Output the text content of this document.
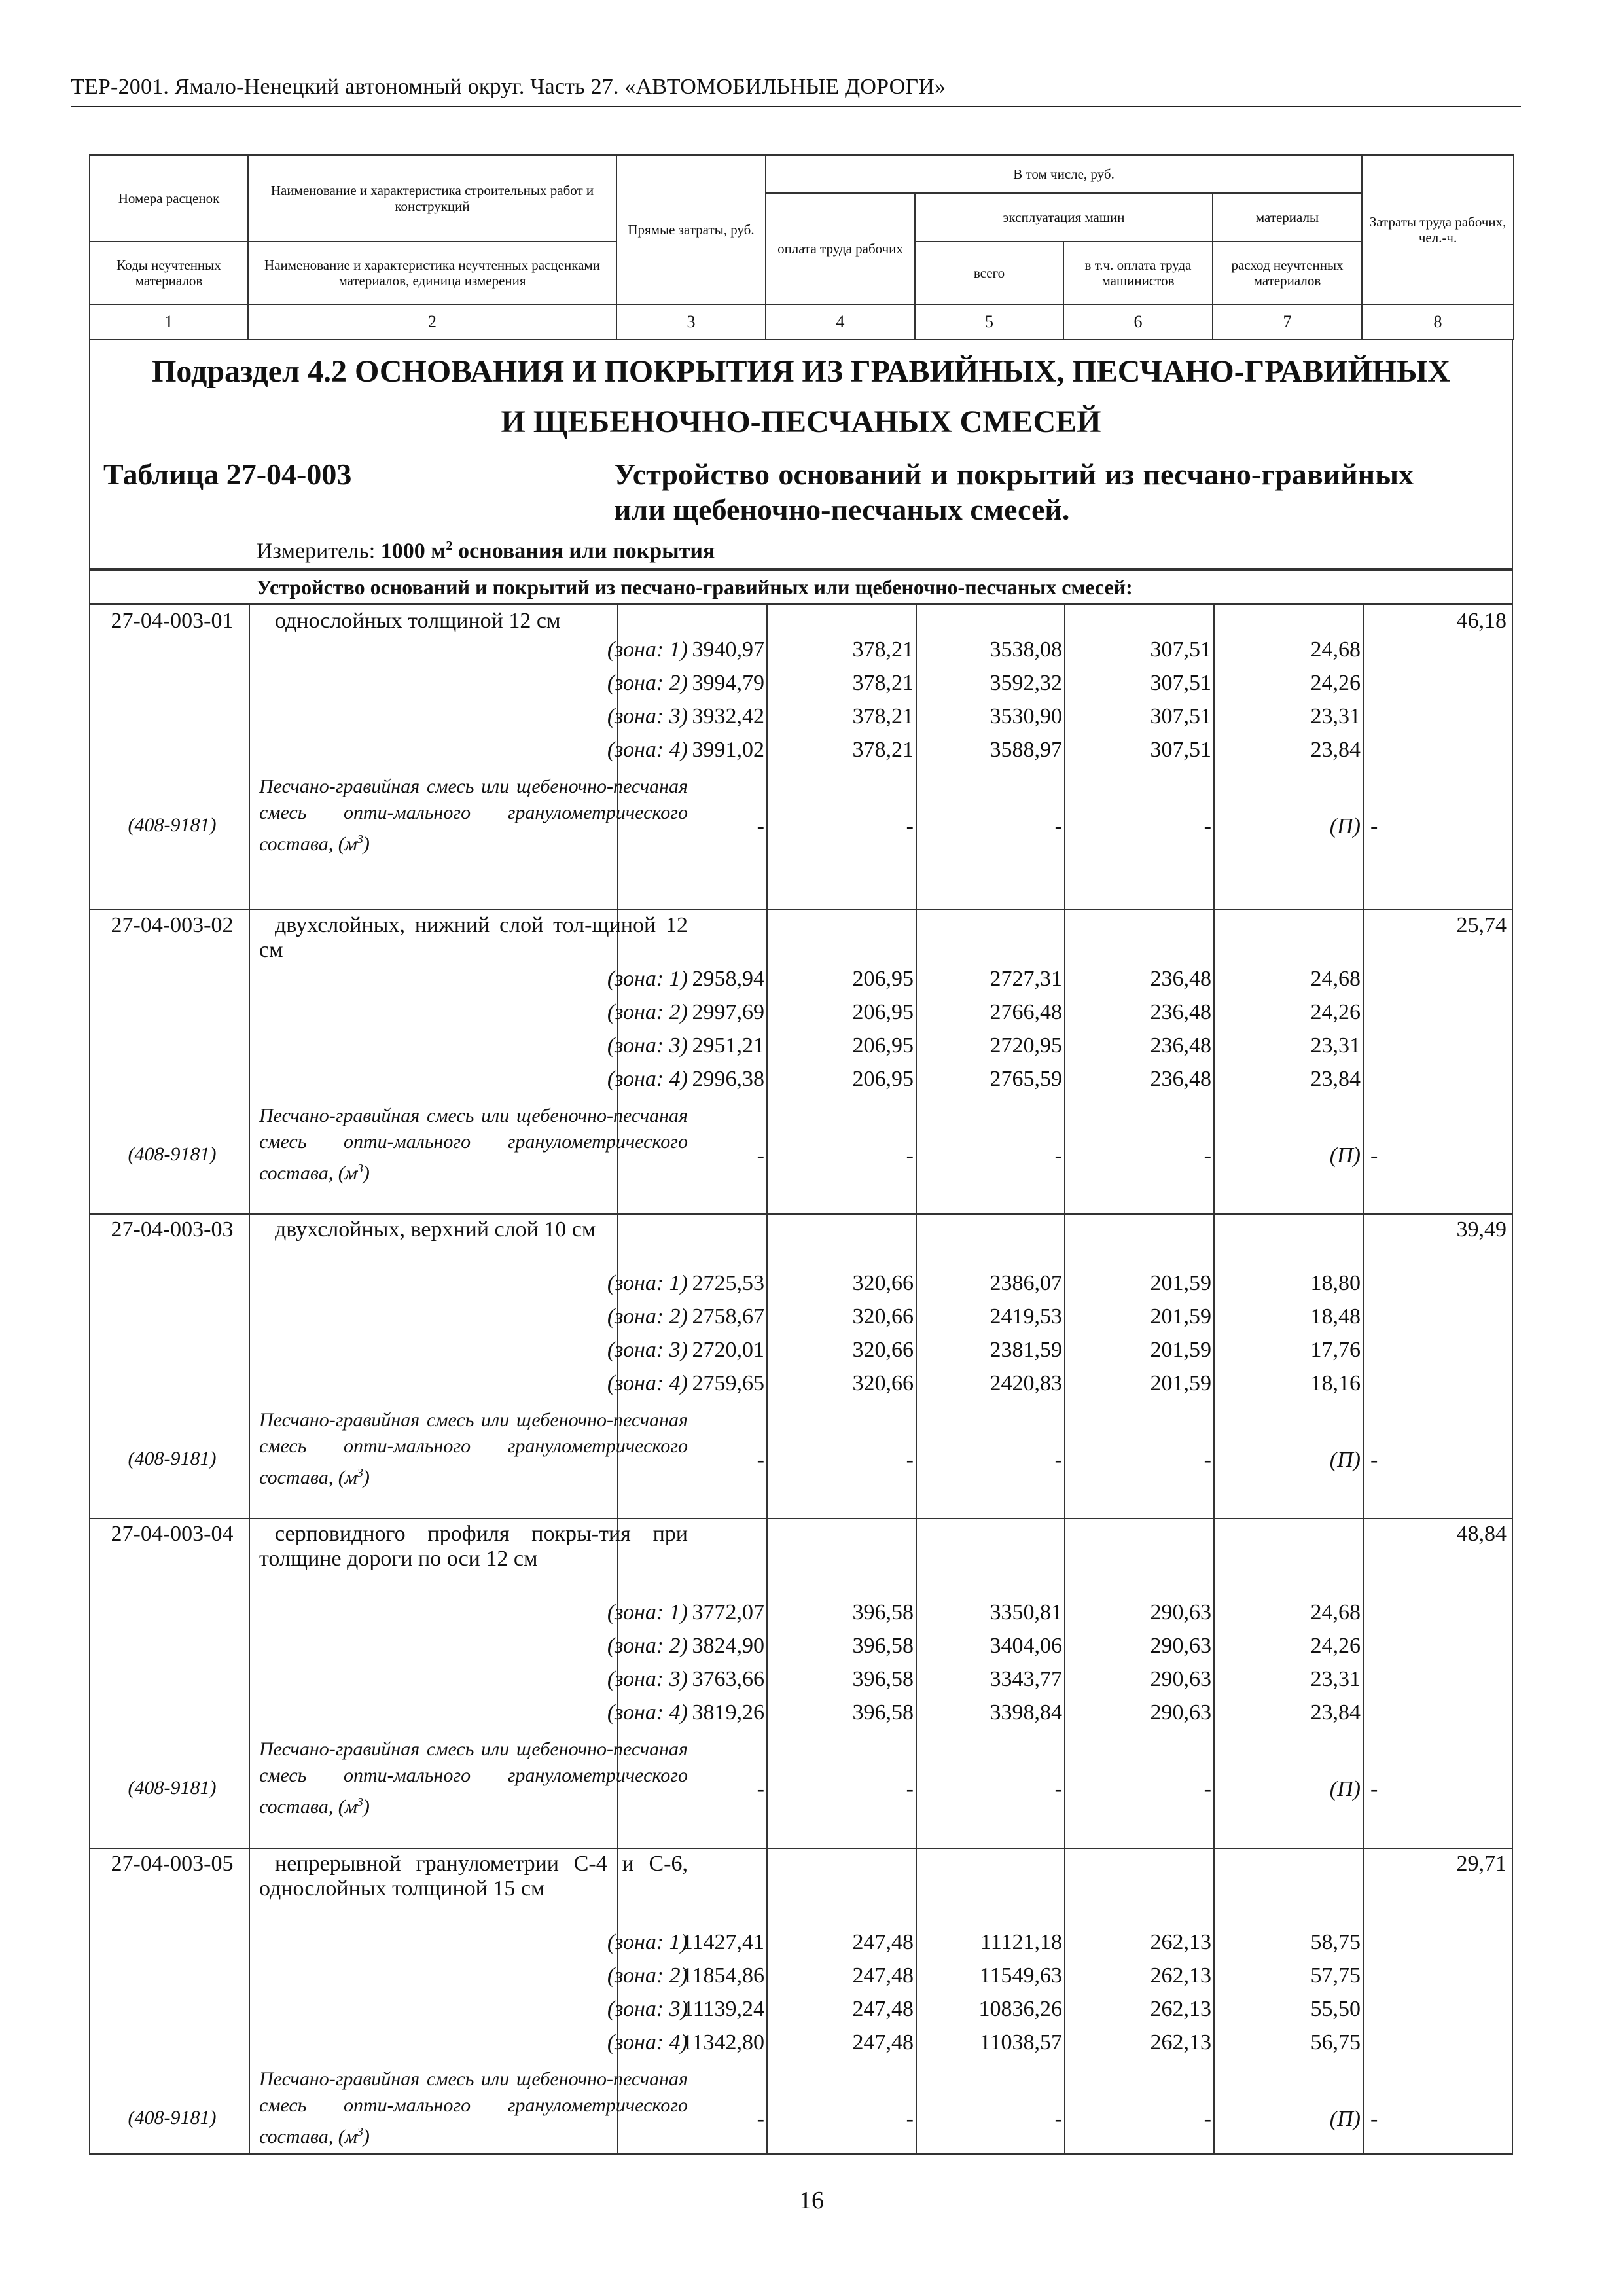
ТЕР-2001. Ямало-Ненецкий автономный округ. Часть 27. «АВТОМОБИЛЬНЫЕ ДОРОГИ»
Номера расценок	Наименование и характеристика строительных работ и конструкций	Прямые затраты, руб.	В том числе, руб.				Затраты труда рабочих, чел.-ч.
			оплата труда рабочих	эксплуатация машин		материалы	
Коды неучтенных материалов	Наименование и характеристика неучтенных расценками материалов, единица измерения			всего	в т.ч. оплата труда машинистов	расход неучтенных материалов	
1	2	3	4	5	6	7	8
Подраздел 4.2 ОСНОВАНИЯ И ПОКРЫТИЯ ИЗ ГРАВИЙНЫХ, ПЕСЧАНО-ГРАВИЙНЫХ
И ЩЕБЕНОЧНО-ПЕСЧАНЫХ СМЕСЕЙ
Таблица 27-04-003	Устройство оснований и покрытий из песчано-гравийных или щебеночно-песчаных смесей.
Измеритель: 1000 $м^2$ основания или покрытия
Устройство оснований и покрытий из песчано-гравийных или щебеночно-песчаных смесей:
27-04-003-01	однослойных толщиной 12 см	46,18
(зона: 1) 3940,97	378,21	3538,08	307,51	24,68
(зона: 2) 3994,79	378,21	3592,32	307,51	24,26
(зона: 3) 3932,42	378,21	3530,90	307,51	23,31
(зона: 4) 3991,02	378,21	3588,97	307,51	23,84
Песчано-гравийная смесь или щебеночно-песчаная смесь опти-мального гранулометрического состава, $(м^3)$
(408-9181)	-	-	-	-	(П) -
27-04-003-02	двухслойных, нижний слой тол-щиной 12 см
25,74
(зона: 1) 2958,94	206,95	2727,31	236,48	24,68
(зона: 2) 2997,69	206,95	2766,48	236,48	24,26
(зона: 3) 2951,21	206,95	2720,95	236,48	23,31
(зона: 4) 2996,38	206,95	2765,59	236,48	23,84
Песчано-гравийная смесь или щебеночно-песчаная смесь опти-мального гранулометрического состава, $(м^3)$
(408-9181)	-	-	-	-	(П) -
27-04-003-03	двухслойных, верхний слой 10 см	39,49
(зона: 1) 2725,53	320,66	2386,07	201,59	18,80
(зона: 2) 2758,67	320,66	2419,53	201,59	18,48
(зона: 3) 2720,01	320,66	2381,59	201,59	17,76
(зона: 4) 2759,65	320,66	2420,83	201,59	18,16
Песчано-гравийная смесь или щебеночно-песчаная смесь опти-мального гранулометрического состава, $(м^3)$
(408-9181)	-	-	-	-	(П) -
27-04-003-04	серповидного профиля покры-тия при толщине дороги по оси 12 см
48,84
(зона: 1) 3772,07	396,58	3350,81	290,63	24,68
(зона: 2) 3824,90	396,58	3404,06	290,63	24,26
(зона: 3) 3763,66	396,58	3343,77	290,63	23,31
(зона: 4) 3819,26	396,58	3398,84	290,63	23,84
Песчано-гравийная смесь или щебеночно-песчаная смесь опти-мального гранулометрического состава, $(м^3)$
(408-9181)	-	-	-	-	(П) -
27-04-003-05	непрерывной гранулометрии С-4 и С-6, однослойных толщиной 15 см
29,71
(зона: 1)
11427,41	247,48	11121,18	262,13	58,75
(зона: 2)
11854,86	247,48	11549,63	262,13	57,75
(зона: 3)
11139,24	247,48	10836,26	262,13	55,50
(зона: 4)
11342,80	247,48	11038,57	262,13	56,75
Песчано-гравийная смесь или щебеночно-песчаная смесь опти-мального гранулометрического состава, $(м^3)$
(408-9181)	-	-	-	-	(П) -
16
